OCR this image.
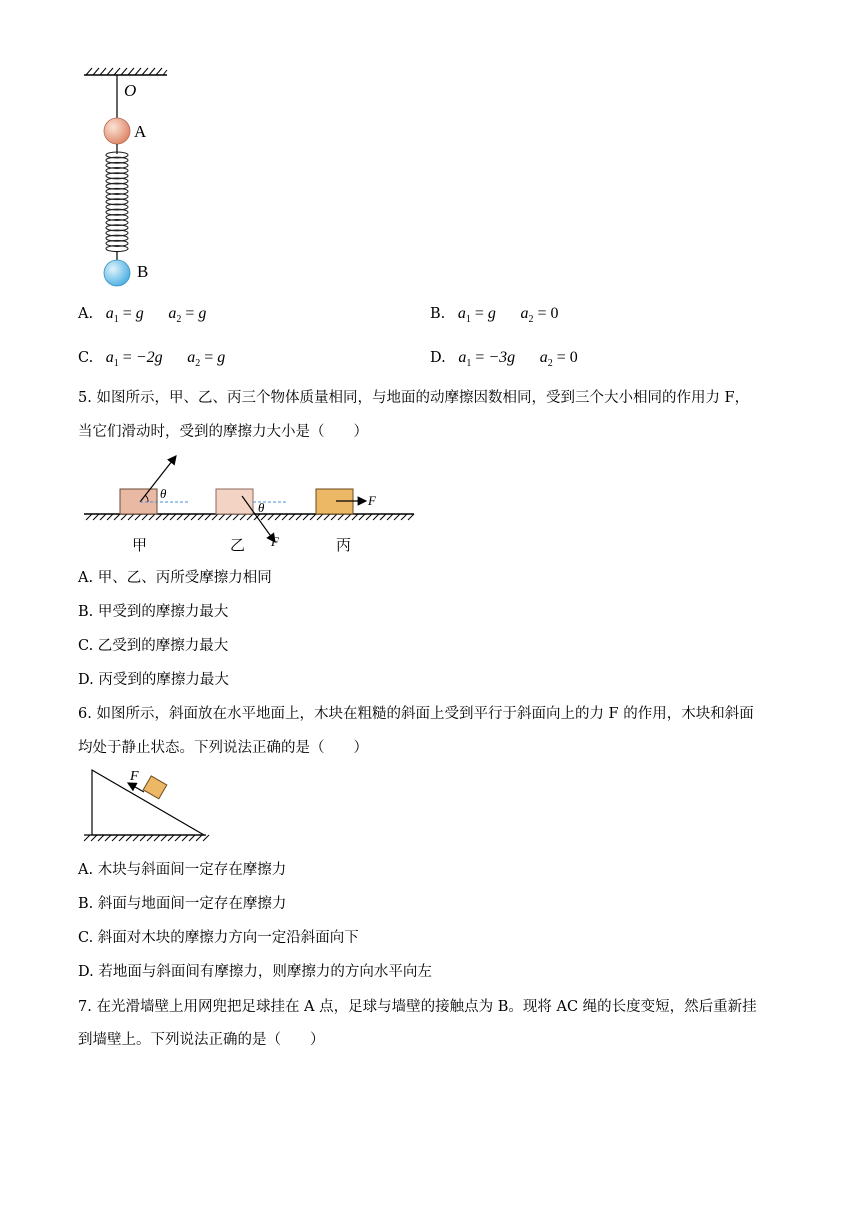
O
A
B
A. $a_1 = g$ $a_2 = g$	B. $a_1 = g$ $a_2 = 0$
C. $a_1 = -2g$ $a_2 = g$	D. $a_1 = -3g$ $a_2 = 0$
5. 如图所示，甲、乙、丙三个物体质量相同，与地面的动摩擦因数相同，受到三个大小相同的作用力 F，
当它们滑动时，受到的摩擦力大小是（　　）
θ
甲
θ
F
乙
F
丙
A. 甲、乙、丙所受摩擦力相同
B. 甲受到的摩擦力最大
C. 乙受到的摩擦力最大
D. 丙受到的摩擦力最大
6. 如图所示，斜面放在水平地面上，木块在粗糙的斜面上受到平行于斜面向上的力 F 的作用，木块和斜面
均处于静止状态。下列说法正确的是（　　）
F
A. 木块与斜面间一定存在摩擦力
B. 斜面与地面间一定存在摩擦力
C. 斜面对木块的摩擦力方向一定沿斜面向下
D. 若地面与斜面间有摩擦力，则摩擦力的方向水平向左
7. 在光滑墙壁上用网兜把足球挂在 A 点，足球与墙壁的接触点为 B。现将 AC 绳的长度变短，然后重新挂
到墙壁上。下列说法正确的是（　　）
